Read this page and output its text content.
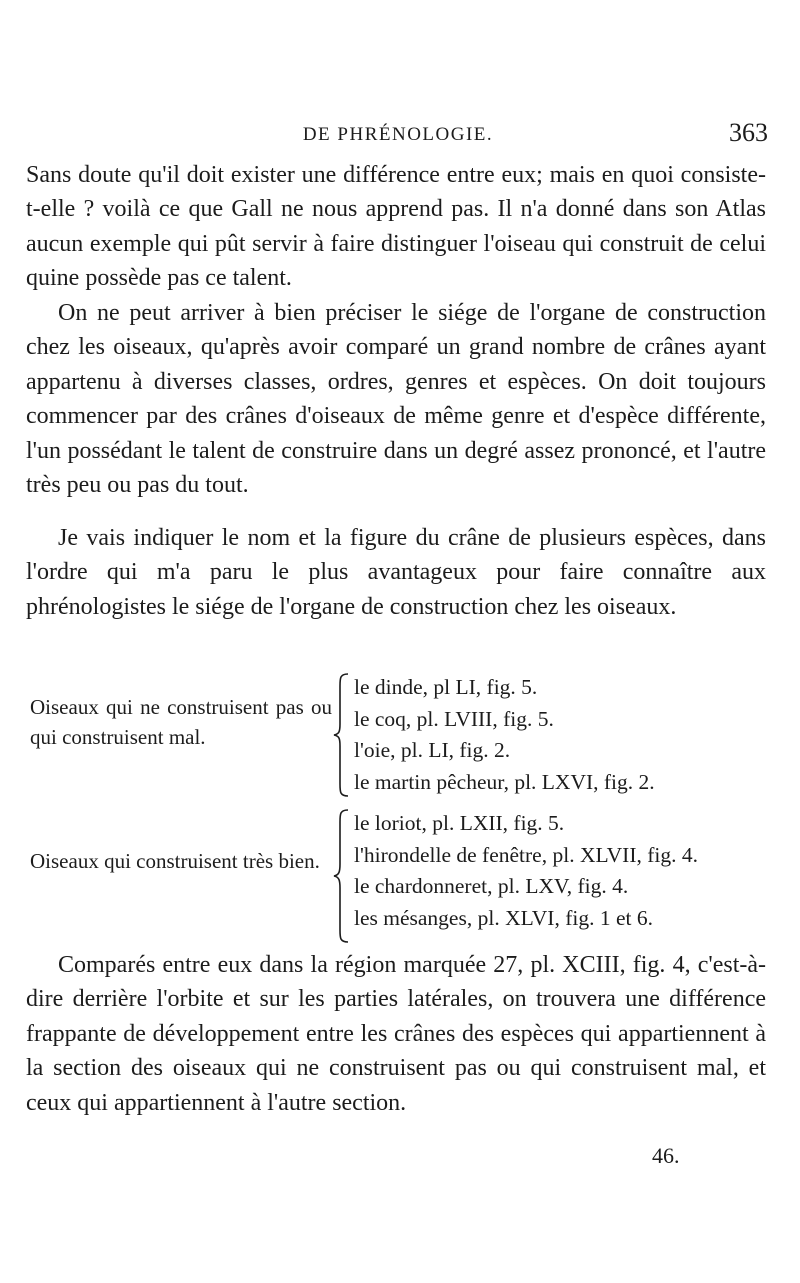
DE PHRÉNOLOGIE.	363

Sans doute qu'il doit exister une différence entre eux; mais en quoi consiste-t-elle ? voilà ce que Gall ne nous apprend pas. Il n'a donné dans son Atlas aucun exemple qui pût servir à faire distinguer l'oiseau qui construit de celui quine possède pas ce talent.

On ne peut arriver à bien préciser le siége de l'organe de construction chez les oiseaux, qu'après avoir comparé un grand nombre de crânes ayant appartenu à diverses classes, ordres, genres et espèces. On doit toujours commencer par des crânes d'oiseaux de même genre et d'espèce différente, l'un possédant le talent de construire dans un degré assez prononcé, et l'autre très peu ou pas du tout.

Je vais indiquer le nom et la figure du crâne de plusieurs espèces, dans l'ordre qui m'a paru le plus avantageux pour faire connaître aux phrénologistes le siége de l'organe de construction chez les oiseaux.

Oiseaux qui ne construisent pas ou qui construisent mal.
le dinde, pl LI, fig. 5.
le coq, pl. LVIII, fig. 5.
l'oie, pl. LI, fig. 2.
le martin pêcheur, pl. LXVI, fig. 2.
Oiseaux qui construisent très bien.
le loriot, pl. LXII, fig. 5.
l'hirondelle de fenêtre, pl. XLVII, fig. 4.
le chardonneret, pl. LXV, fig. 4.
les mésanges, pl. XLVI, fig. 1 et 6.

Comparés entre eux dans la région marquée 27, pl. XCIII, fig. 4, c'est-à-dire derrière l'orbite et sur les parties latérales, on trouvera une différence frappante de développement entre les crânes des espèces qui appartiennent à la section des oiseaux qui ne construisent pas ou qui construisent mal, et ceux qui appartiennent à l'autre section.

46.
